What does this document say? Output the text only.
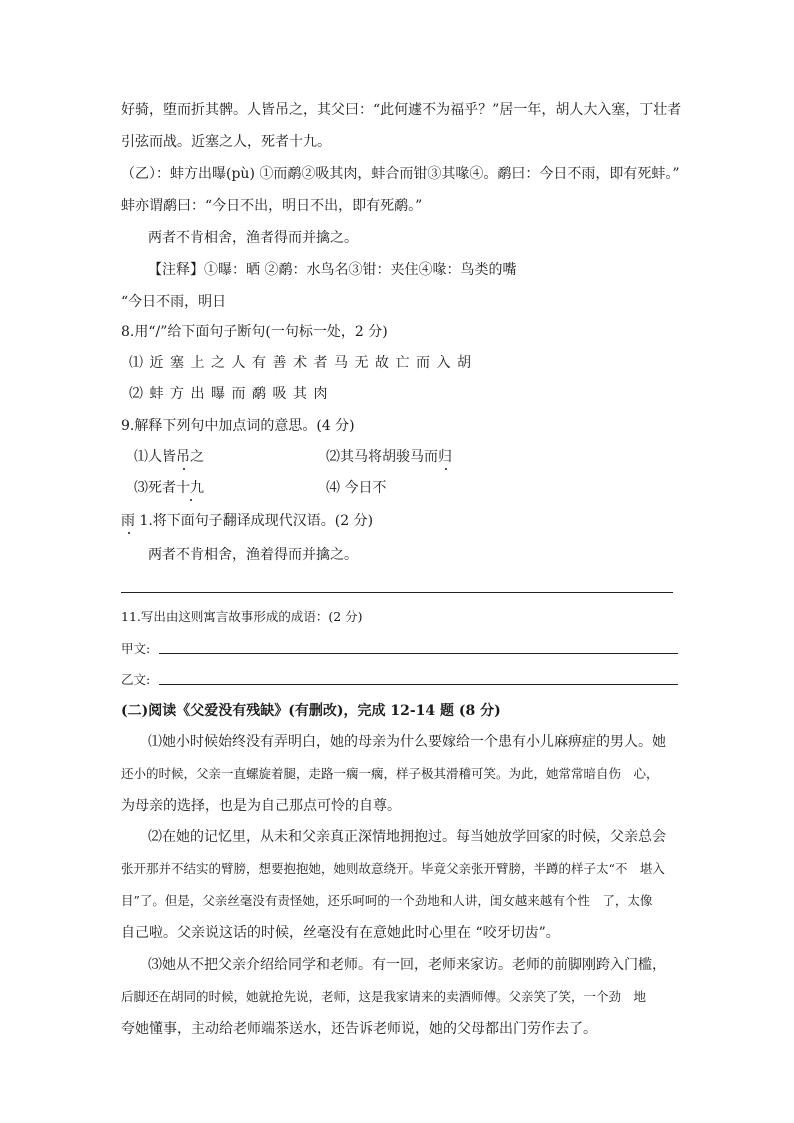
好骑，堕而折其髀。人皆吊之，其父曰：“此何遽不为福乎？”居一年，胡人大入塞，丁壮者
引弦而战。近塞之人，死者十九。
（乙）：蚌方出曝(pù) ①而鹬②吸其肉，蚌合而钳③其喙④。鹬曰：今日不雨，即有死蚌。”
蚌亦谓鹬曰：“今日不出，明日不出，即有死鹬。”
两者不肯相舍，渔者得而并擒之。
【注释】①曝：晒 ②鹬：水鸟名③钳：夹住④喙：鸟类的嘴
“今日不雨，明日
8.用“/”给下面句子断句(一句标一处，2 分)
⑴近塞上之人有善术者马无故亡而入胡
⑵蚌方出曝而鹬吸其肉
9.解释下列句中加点词的意思。(4 分)
⑴人皆吊之	⑵其马将胡骏马而归
⑶死者十九	⑷ 今日不
雨 1.将下面句子翻译成现代汉语。(2 分)
两者不肯相舍，渔着得而并擒之。
11.写出由这则寓言故事形成的成语：(2 分)
甲文:
乙文:
(二)阅读《父爱没有残缺》(有删改)，完成 12-14 题 (8 分)
⑴她小时候始终没有弄明白，她的母亲为什么要嫁给一个患有小儿麻痹症的男人。她
还小的时候，父亲一直螺旋着腿，走路一瘸一瘸，样子极其滑稽可笑。为此，她常常暗自伤　心，
为母亲的选择，也是为自己那点可怜的自尊。
⑵在她的记忆里，从未和父亲真正深情地拥抱过。每当她放学回家的时候，父亲总会
张开那并不结实的臂膀，想要抱抱她，她则故意绕开。毕竟父亲张开臂膀，半蹲的样子太“不　堪入
目”了。但是，父亲丝毫没有责怪她，还乐呵呵的一个劲地和人讲，闺女越来越有个性　了，太像
自己啦。父亲说这话的时候，丝毫没有在意她此时心里在 “咬牙切齿”。
⑶她从不把父亲介绍给同学和老师。有一回，老师来家访。老师的前脚刚跨入门槛，
后脚还在胡同的时候，她就抢先说，老师，这是我家请来的卖酒师傅。父亲笑了笑，一个劲　地
夸她懂事，主动给老师端茶送水，还告诉老师说，她的父母都出门劳作去了。
